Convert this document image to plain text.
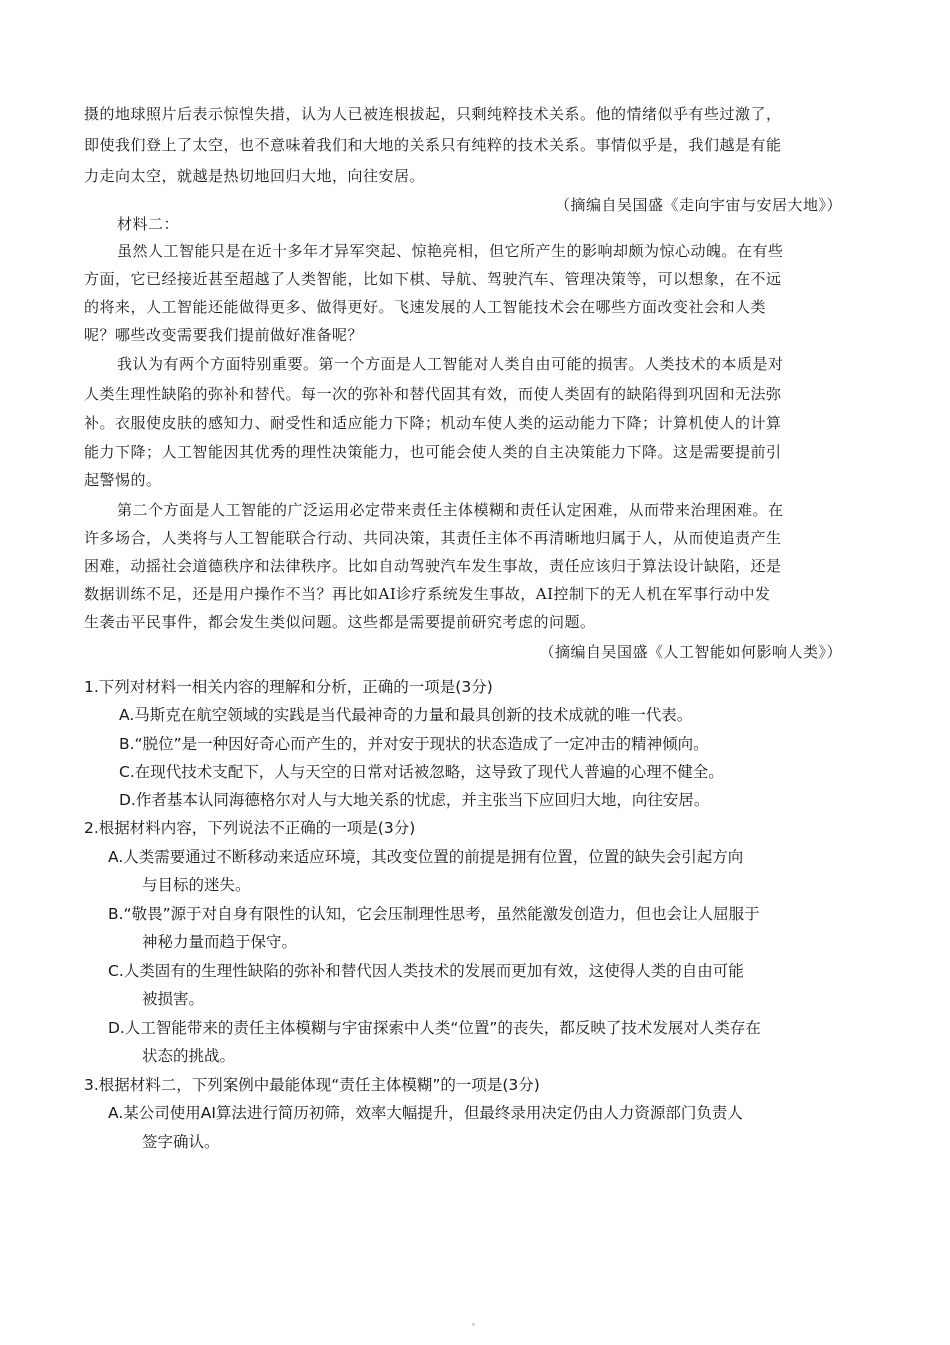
摄的地球照片后表示惊惶失措，认为人已被连根拔起，只剩纯粹技术关系。他的情绪似乎有些过激了，
即使我们登上了太空，也不意味着我们和大地的关系只有纯粹的技术关系。事情似乎是，我们越是有能
力走向太空，就越是热切地回归大地，向往安居。
（摘编自吴国盛《走向宇宙与安居大地》）
材料二：
虽然人工智能只是在近十多年才异军突起、惊艳亮相，但它所产生的影响却颇为惊心动魄。在有些
方面，它已经接近甚至超越了人类智能，比如下棋、导航、驾驶汽车、管理决策等，可以想象，在不远
的将来，人工智能还能做得更多、做得更好。飞速发展的人工智能技术会在哪些方面改变社会和人类
呢？哪些改变需要我们提前做好准备呢？
我认为有两个方面特别重要。第一个方面是人工智能对人类自由可能的损害。人类技术的本质是对
人类生理性缺陷的弥补和替代。每一次的弥补和替代固其有效，而使人类固有的缺陷得到巩固和无法弥
补。衣服使皮肤的感知力、耐受性和适应能力下降；机动车使人类的运动能力下降；计算机使人的计算
能力下降；人工智能因其优秀的理性决策能力，也可能会使人类的自主决策能力下降。这是需要提前引
起警惕的。
第二个方面是人工智能的广泛运用必定带来责任主体模糊和责任认定困难，从而带来治理困难。在
许多场合，人类将与人工智能联合行动、共同决策，其责任主体不再清晰地归属于人，从而使追责产生
困难，动摇社会道德秩序和法律秩序。比如自动驾驶汽车发生事故，责任应该归于算法设计缺陷，还是
数据训练不足，还是用户操作不当？再比如AI诊疗系统发生事故，AI控制下的无人机在军事行动中发
生袭击平民事件，都会发生类似问题。这些都是需要提前研究考虑的问题。
（摘编自吴国盛《人工智能如何影响人类》）
1.下列对材料一相关内容的理解和分析，正确的一项是(3分)
A.马斯克在航空领域的实践是当代最神奇的力量和最具创新的技术成就的唯一代表。
B.“脱位”是一种因好奇心而产生的，并对安于现状的状态造成了一定冲击的精神倾向。
C.在现代技术支配下，人与天空的日常对话被忽略，这导致了现代人普遍的心理不健全。
D.作者基本认同海德格尔对人与大地关系的忧虑，并主张当下应回归大地，向往安居。
2.根据材料内容，下列说法不正确的一项是(3分)
A.人类需要通过不断移动来适应环境，其改变位置的前提是拥有位置，位置的缺失会引起方向
与目标的迷失。
B.“敬畏”源于对自身有限性的认知，它会压制理性思考，虽然能激发创造力，但也会让人屈服于
神秘力量而趋于保守。
C.人类固有的生理性缺陷的弥补和替代因人类技术的发展而更加有效，这使得人类的自由可能
被损害。
D.人工智能带来的责任主体模糊与宇宙探索中人类“位置”的丧失，都反映了技术发展对人类存在
状态的挑战。
3.根据材料二，下列案例中最能体现“责任主体模糊”的一项是(3分)
A.某公司使用AI算法进行简历初筛，效率大幅提升，但最终录用决定仍由人力资源部门负责人
签字确认。
